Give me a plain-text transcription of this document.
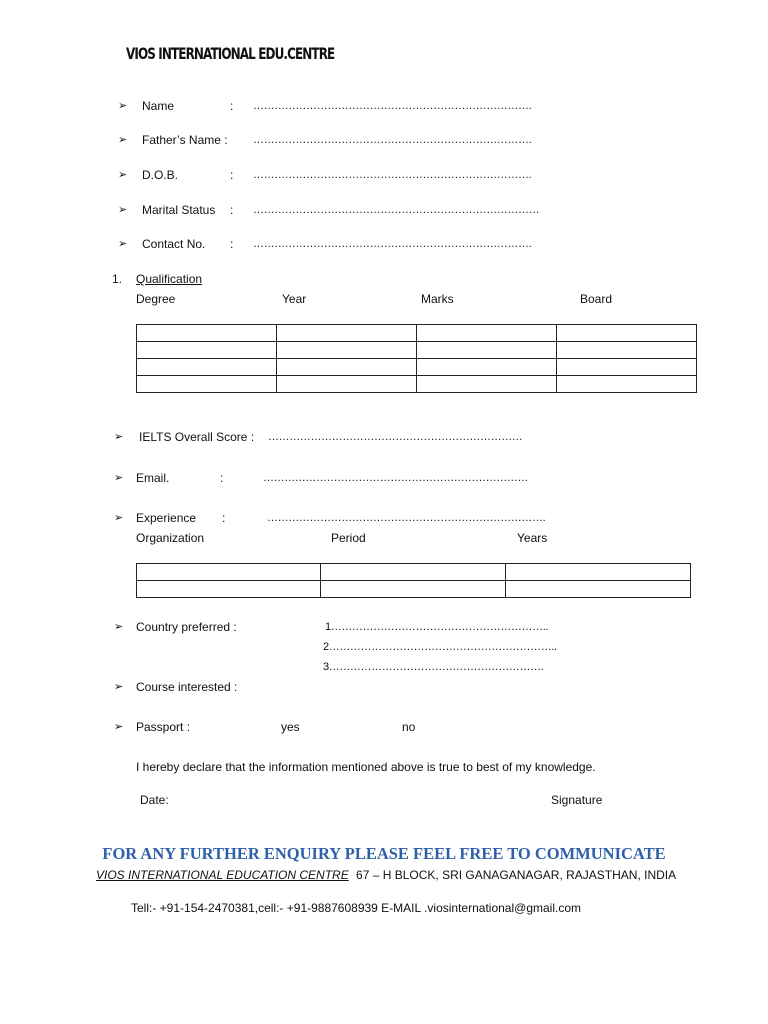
VIOS INTERNATIONAL EDU.CENTRE
➢ Name	: …………………………………………………………………….
➢ Father’s Name : …………………………………………………………………….
➢ D.O.B.	: …………………………………………………………………….
➢ Marital Status : ………………………………………………………………………
➢ Contact No. : …………………………………………………………………….
1. Qualification
Degree	Year	Marks	Board

➢ IELTS Overall Score : ………………………………………………………………
➢ Email.	:	…………………………………………………………………
➢ Experience :	…………………………………………………………………….
Organization	Period	Years

➢ Country preferred :	1……………………………………………………..
2………………………………………………………..
3…………………………………………………….
➢ Course interested :
➢ Passport :	yes	no
I hereby declare that the information mentioned above is true to best of my knowledge.
Date:	Signature
FOR ANY FURTHER ENQUIRY PLEASE FEEL FREE TO COMMUNICATE
VIOS INTERNATIONAL EDUCATION CENTRE 67 – H BLOCK, SRI GANAGANAGAR, RAJASTHAN, INDIA
Tell:- +91-154-2470381,cell:- +91-9887608939 E-MAIL .viosinternational@gmail.com
